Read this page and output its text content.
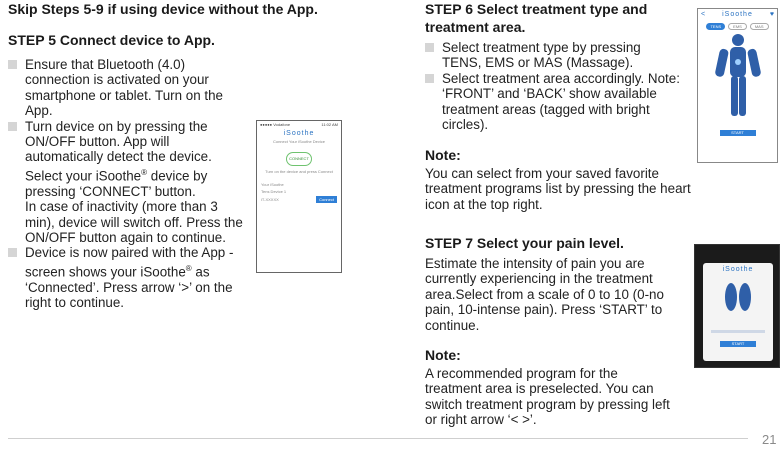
Skip Steps 5-9 if using device without the App.
STEP 5 Connect device to App.
Ensure that Bluetooth (4.0) connection is activated on your smartphone or tablet. Turn on the App.
Turn device on by pressing the ON/OFF button. App will automatically detect the device.
Select your iSoothe® device by pressing ‘CONNECT’ button.
In case of inactivity (more than 3 min), device will switch off. Press the ON/OFF button again to continue.
Device is now paired with the App - screen shows your iSoothe® as ‘Connected’. Press arrow ‘>’ on the right to continue.
●●●●● Vodafone	11:02 AM
iSoothe
Connect Your iSoothe Device
CONNECT
Turn on the device and press Connect
Your iSoothe
Tens Device 1
iT-XXXXX	Connect
STEP 6 Select treatment type and treatment area.
Select treatment type by pressing TENS, EMS or MAS (Massage).
Select treatment area accordingly. Note: ‘FRONT’ and ‘BACK’ show available treatment areas (tagged with bright circles).
Note:
You can select from your saved favorite treatment programs list by pressing the heart icon at the top right.
STEP 7 Select your pain level.
Estimate the intensity of pain you are currently experiencing in the treatment area.Select from a scale of 0 to 10 (0-no pain, 10-intense pain). Press ‘START’ to continue.
Note:
A recommended program for the treatment area is preselected. You can switch treatment program by pressing left or right arrow ‘< >’.
<	iSoothe	♥
TENS	EMS	MAS
START
iSoothe
START
21
